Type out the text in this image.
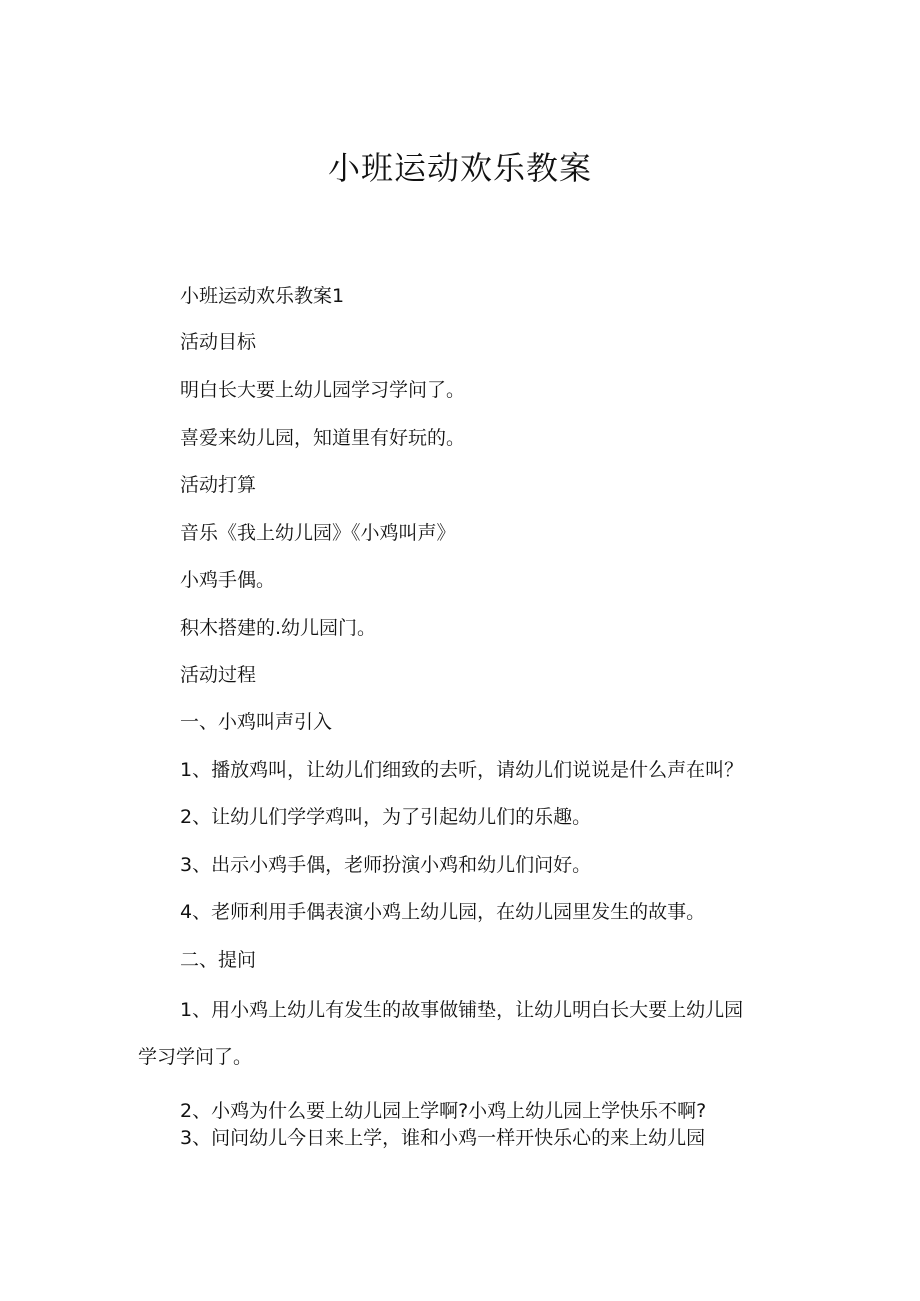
小班运动欢乐教案
小班运动欢乐教案1
活动目标
明白长大要上幼儿园学习学问了。
喜爱来幼儿园，知道里有好玩的。
活动打算
音乐《我上幼儿园》《小鸡叫声》
小鸡手偶。
积木搭建的.幼儿园门。
活动过程
一、小鸡叫声引入
1、播放鸡叫，让幼儿们细致的去听，请幼儿们说说是什么声在叫？
2、让幼儿们学学鸡叫，为了引起幼儿们的乐趣。
3、出示小鸡手偶，老师扮演小鸡和幼儿们问好。
4、老师利用手偶表演小鸡上幼儿园，在幼儿园里发生的故事。
二、提问
1、用小鸡上幼儿有发生的故事做铺垫，让幼儿明白长大要上幼儿园
学习学问了。
2、小鸡为什么要上幼儿园上学啊?小鸡上幼儿园上学快乐不啊?
3、问问幼儿今日来上学，谁和小鸡一样开快乐心的来上幼儿园
